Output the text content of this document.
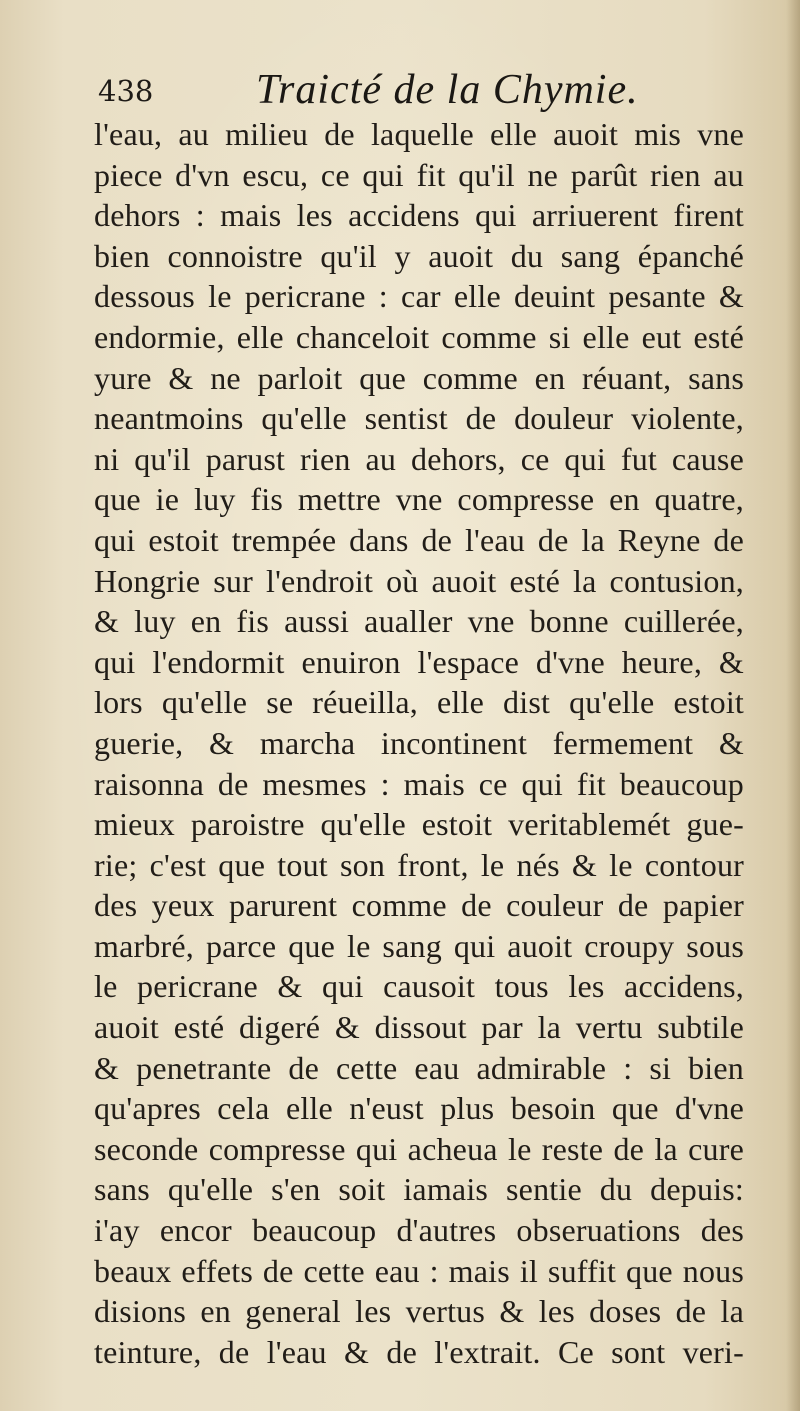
438 Traicté de la Chymie.
l'eau, au milieu de laquelle elle auoit mis vne
piece d'vn escu, ce qui fit qu'il ne parût rien au
dehors : mais les accidens qui arriuerent firent
bien connoistre qu'il y auoit du sang épanché
dessous le pericrane : car elle deuint pesante &
endormie, elle chanceloit comme si elle eut esté
yure & ne parloit que comme en réuant, sans
neantmoins qu'elle sentist de douleur violente,
ni qu'il parust rien au dehors, ce qui fut cause
que ie luy fis mettre vne compresse en quatre,
qui estoit trempée dans de l'eau de la Reyne de
Hongrie sur l'endroit où auoit esté la contusion,
& luy en fis aussi aualler vne bonne cuillerée,
qui l'endormit enuiron l'espace d'vne heure, &
lors qu'elle se réueilla, elle dist qu'elle estoit
guerie, & marcha incontinent fermement &
raisonna de mesmes : mais ce qui fit beaucoup
mieux paroistre qu'elle estoit veritablemét gue-
rie; c'est que tout son front, le nés & le contour
des yeux parurent comme de couleur de papier
marbré, parce que le sang qui auoit croupy sous
le pericrane & qui causoit tous les accidens,
auoit esté digeré & dissout par la vertu subtile
& penetrante de cette eau admirable : si bien
qu'apres cela elle n'eust plus besoin que d'vne
seconde compresse qui acheua le reste de la cure
sans qu'elle s'en soit iamais sentie du depuis:
i'ay encor beaucoup d'autres obseruations des
beaux effets de cette eau : mais il suffit que nous
disions en general les vertus & les doses de la
teinture, de l'eau & de l'extrait. Ce sont veri-
